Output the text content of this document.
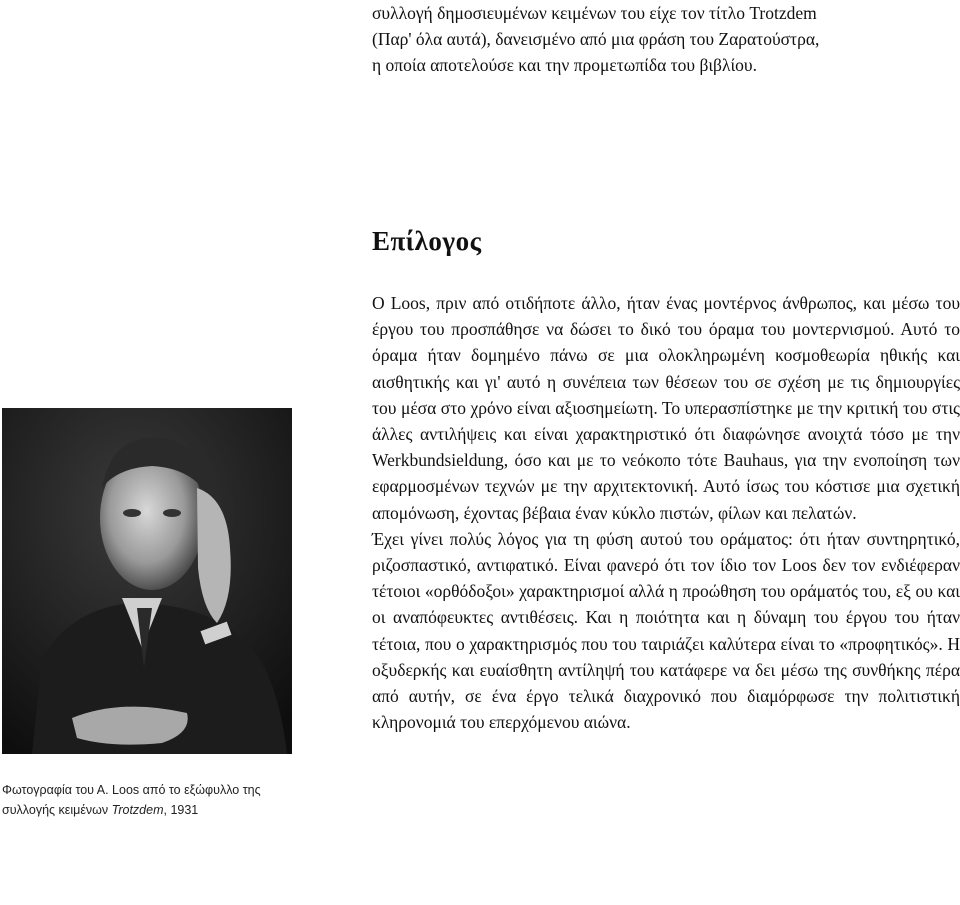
συλλογή δημοσιευμένων κειμένων του είχε τον τίτλο Trotzdem
(Παρ' όλα αυτά), δανεισμένο από μια φράση του Ζαρατούστρα,
η οποία αποτελούσε και την προμετωπίδα του βιβλίου.
Επίλογος

Ο Loos, πριν από οτιδήποτε άλλο, ήταν ένας μοντέρνος άνθρωπος, και μέσω του έργου του προσπάθησε να δώσει το δικό του όραμα του μοντερνισμού. Αυτό το όραμα ήταν δομημένο πάνω σε μια ολοκληρωμένη κοσμοθεωρία ηθικής και αισθητικής και γι' αυτό η συνέπεια των θέσεων του σε σχέση με τις δημιουργίες του μέσα στο χρόνο είναι αξιοσημείωτη. Το υπερασπίστηκε με την κριτική του στις άλλες αντιλήψεις και είναι χαρακτηριστικό ότι διαφώνησε ανοιχτά τόσο με την Werkbundsieldung, όσο και με το νεόκοπο τότε Bauhaus, για την ενοποίηση των εφαρμοσμένων τεχνών με την αρχιτεκτονική. Αυτό ίσως του κόστισε μια σχετική απομόνωση, έχοντας βέβαια έναν κύκλο πιστών, φίλων και πελατών.

Έχει γίνει πολύς λόγος για τη φύση αυτού του οράματος: ότι ήταν συντηρητικό, ριζοσπαστικό, αντιφατικό. Είναι φανερό ότι τον ίδιο τον Loos δεν τον ενδιέφεραν τέτοιοι «ορθόδοξοι» χαρακτηρισμοί αλλά η προώθηση του οράματός του, εξ ου και οι αναπόφευκτες αντιθέσεις. Και η ποιότητα και η δύναμη του έργου του ήταν τέτοια, που ο χαρακτηρισμός που του ταιριάζει καλύτερα είναι το «προφητικός». Η οξυδερκής και ευαίσθητη αντίληψή του κατάφερε να δει μέσω της συνθήκης πέρα από αυτήν, σε ένα έργο τελικά διαχρονικό που διαμόρφωσε την πολιτιστική κληρονομιά του επερχόμενου αιώνα.

Φωτογραφία του Α. Loos από το εξώφυλλο της
συλλογής κειμένων Trotzdem, 1931
